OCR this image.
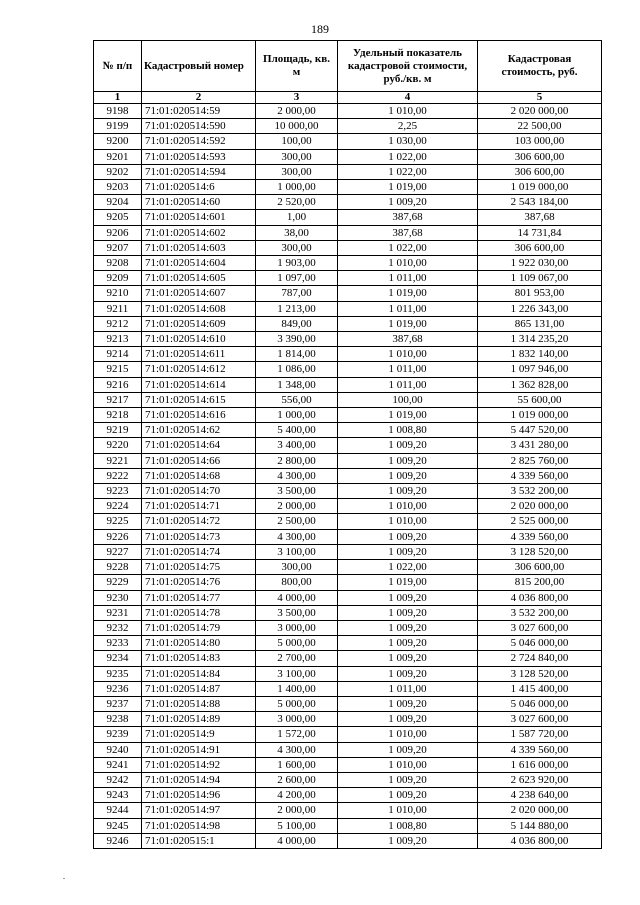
189
№ п/п	Кадастровый номер	Площадь, кв. м	Удельный показатель кадастровой стоимости, руб./кв. м	Кадастровая стоимость, руб.
1	2	3	4	5
9198	71:01:020514:59	2 000,00	1 010,00	2 020 000,00
9199	71:01:020514:590	10 000,00	2,25	22 500,00
9200	71:01:020514:592	100,00	1 030,00	103 000,00
9201	71:01:020514:593	300,00	1 022,00	306 600,00
9202	71:01:020514:594	300,00	1 022,00	306 600,00
9203	71:01:020514:6	1 000,00	1 019,00	1 019 000,00
9204	71:01:020514:60	2 520,00	1 009,20	2 543 184,00
9205	71:01:020514:601	1,00	387,68	387,68
9206	71:01:020514:602	38,00	387,68	14 731,84
9207	71:01:020514:603	300,00	1 022,00	306 600,00
9208	71:01:020514:604	1 903,00	1 010,00	1 922 030,00
9209	71:01:020514:605	1 097,00	1 011,00	1 109 067,00
9210	71:01:020514:607	787,00	1 019,00	801 953,00
9211	71:01:020514:608	1 213,00	1 011,00	1 226 343,00
9212	71:01:020514:609	849,00	1 019,00	865 131,00
9213	71:01:020514:610	3 390,00	387,68	1 314 235,20
9214	71:01:020514:611	1 814,00	1 010,00	1 832 140,00
9215	71:01:020514:612	1 086,00	1 011,00	1 097 946,00
9216	71:01:020514:614	1 348,00	1 011,00	1 362 828,00
9217	71:01:020514:615	556,00	100,00	55 600,00
9218	71:01:020514:616	1 000,00	1 019,00	1 019 000,00
9219	71:01:020514:62	5 400,00	1 008,80	5 447 520,00
9220	71:01:020514:64	3 400,00	1 009,20	3 431 280,00
9221	71:01:020514:66	2 800,00	1 009,20	2 825 760,00
9222	71:01:020514:68	4 300,00	1 009,20	4 339 560,00
9223	71:01:020514:70	3 500,00	1 009,20	3 532 200,00
9224	71:01:020514:71	2 000,00	1 010,00	2 020 000,00
9225	71:01:020514:72	2 500,00	1 010,00	2 525 000,00
9226	71:01:020514:73	4 300,00	1 009,20	4 339 560,00
9227	71:01:020514:74	3 100,00	1 009,20	3 128 520,00
9228	71:01:020514:75	300,00	1 022,00	306 600,00
9229	71:01:020514:76	800,00	1 019,00	815 200,00
9230	71:01:020514:77	4 000,00	1 009,20	4 036 800,00
9231	71:01:020514:78	3 500,00	1 009,20	3 532 200,00
9232	71:01:020514:79	3 000,00	1 009,20	3 027 600,00
9233	71:01:020514:80	5 000,00	1 009,20	5 046 000,00
9234	71:01:020514:83	2 700,00	1 009,20	2 724 840,00
9235	71:01:020514:84	3 100,00	1 009,20	3 128 520,00
9236	71:01:020514:87	1 400,00	1 011,00	1 415 400,00
9237	71:01:020514:88	5 000,00	1 009,20	5 046 000,00
9238	71:01:020514:89	3 000,00	1 009,20	3 027 600,00
9239	71:01:020514:9	1 572,00	1 010,00	1 587 720,00
9240	71:01:020514:91	4 300,00	1 009,20	4 339 560,00
9241	71:01:020514:92	1 600,00	1 010,00	1 616 000,00
9242	71:01:020514:94	2 600,00	1 009,20	2 623 920,00
9243	71:01:020514:96	4 200,00	1 009,20	4 238 640,00
9244	71:01:020514:97	2 000,00	1 010,00	2 020 000,00
9245	71:01:020514:98	5 100,00	1 008,80	5 144 880,00
9246	71:01:020515:1	4 000,00	1 009,20	4 036 800,00
